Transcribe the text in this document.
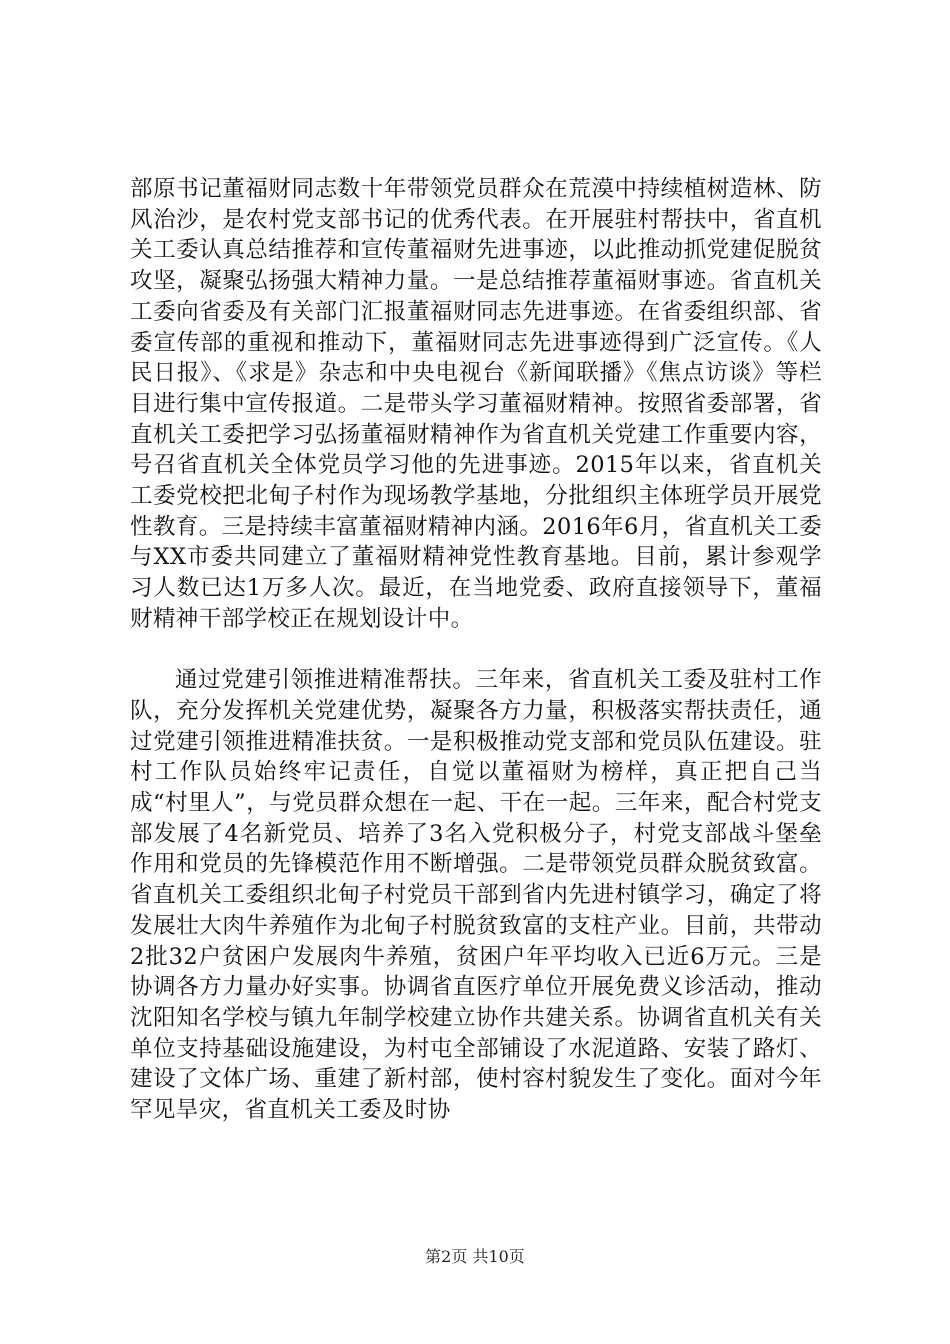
部原书记董福财同志数十年带领党员群众在荒漠中持续植树造林、防风治沙，是农村党支部书记的优秀代表。在开展驻村帮扶中，省直机关工委认真总结推荐和宣传董福财先进事迹，以此推动抓党建促脱贫攻坚，凝聚弘扬强大精神力量。一是总结推荐董福财事迹。省直机关工委向省委及有关部门汇报董福财同志先进事迹。在省委组织部、省委宣传部的重视和推动下，董福财同志先进事迹得到广泛宣传。《人民日报》、《求是》杂志和中央电视台《新闻联播》《焦点访谈》等栏目进行集中宣传报道。二是带头学习董福财精神。按照省委部署，省直机关工委把学习弘扬董福财精神作为省直机关党建工作重要内容，号召省直机关全体党员学习他的先进事迹。2015年以来，省直机关工委党校把北甸子村作为现场教学基地，分批组织主体班学员开展党性教育。三是持续丰富董福财精神内涵。2016年6月，省直机关工委与XX市委共同建立了董福财精神党性教育基地。目前，累计参观学习人数已达1万多人次。最近，在当地党委、政府直接领导下，董福财精神干部学校正在规划设计中。

通过党建引领推进精准帮扶。三年来，省直机关工委及驻村工作队，充分发挥机关党建优势，凝聚各方力量，积极落实帮扶责任，通过党建引领推进精准扶贫。一是积极推动党支部和党员队伍建设。驻村工作队员始终牢记责任，自觉以董福财为榜样，真正把自己当成“村里人”，与党员群众想在一起、干在一起。三年来，配合村党支部发展了4名新党员、培养了3名入党积极分子，村党支部战斗堡垒作用和党员的先锋模范作用不断增强。二是带领党员群众脱贫致富。省直机关工委组织北甸子村党员干部到省内先进村镇学习，确定了将发展壮大肉牛养殖作为北甸子村脱贫致富的支柱产业。目前，共带动2批32户贫困户发展肉牛养殖，贫困户年平均收入已近6万元。三是协调各方力量办好实事。协调省直医疗单位开展免费义诊活动，推动沈阳知名学校与镇九年制学校建立协作共建关系。协调省直机关有关单位支持基础设施建设，为村屯全部铺设了水泥道路、安装了路灯、建设了文体广场、重建了新村部，使村容村貌发生了变化。面对今年罕见旱灾，省直机关工委及时协

第2页 共10页
